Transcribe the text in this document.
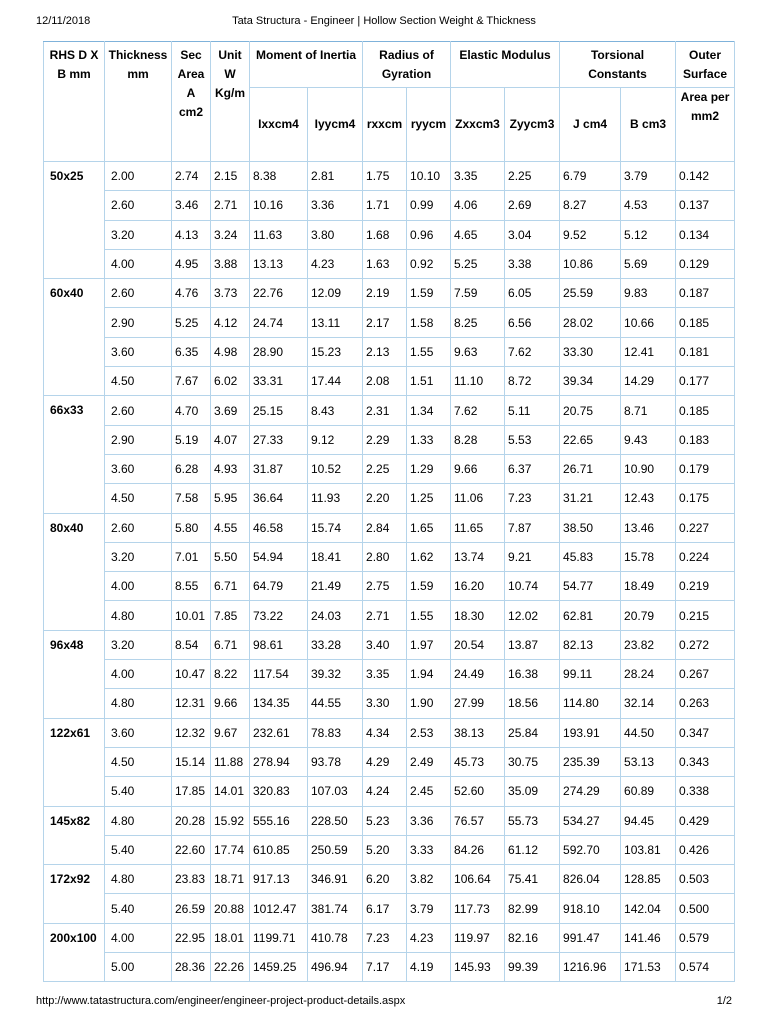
12/11/2018	Tata Structura - Engineer | Hollow Section Weight & Thickness
RHS D X B mm	Thickness mm	Sec Area A cm2	Unit W Kg/m	Moment of Inertia		Radius of Gyration		Elastic Modulus		Torsional Constants		Outer Surface
				Ixxcm4	Iyycm4	rxxcm	ryycm	Zxxcm3	Zyycm3	J cm4	B cm3	Area per mm2
50x25	2.00	2.74	2.15	8.38	2.81	1.75	10.10	3.35	2.25	6.79	3.79	0.142
	2.60	3.46	2.71	10.16	3.36	1.71	0.99	4.06	2.69	8.27	4.53	0.137
	3.20	4.13	3.24	11.63	3.80	1.68	0.96	4.65	3.04	9.52	5.12	0.134
	4.00	4.95	3.88	13.13	4.23	1.63	0.92	5.25	3.38	10.86	5.69	0.129
60x40	2.60	4.76	3.73	22.76	12.09	2.19	1.59	7.59	6.05	25.59	9.83	0.187
	2.90	5.25	4.12	24.74	13.11	2.17	1.58	8.25	6.56	28.02	10.66	0.185
	3.60	6.35	4.98	28.90	15.23	2.13	1.55	9.63	7.62	33.30	12.41	0.181
	4.50	7.67	6.02	33.31	17.44	2.08	1.51	11.10	8.72	39.34	14.29	0.177
66x33	2.60	4.70	3.69	25.15	8.43	2.31	1.34	7.62	5.11	20.75	8.71	0.185
	2.90	5.19	4.07	27.33	9.12	2.29	1.33	8.28	5.53	22.65	9.43	0.183
	3.60	6.28	4.93	31.87	10.52	2.25	1.29	9.66	6.37	26.71	10.90	0.179
	4.50	7.58	5.95	36.64	11.93	2.20	1.25	11.06	7.23	31.21	12.43	0.175
80x40	2.60	5.80	4.55	46.58	15.74	2.84	1.65	11.65	7.87	38.50	13.46	0.227
	3.20	7.01	5.50	54.94	18.41	2.80	1.62	13.74	9.21	45.83	15.78	0.224
	4.00	8.55	6.71	64.79	21.49	2.75	1.59	16.20	10.74	54.77	18.49	0.219
	4.80	10.01	7.85	73.22	24.03	2.71	1.55	18.30	12.02	62.81	20.79	0.215
96x48	3.20	8.54	6.71	98.61	33.28	3.40	1.97	20.54	13.87	82.13	23.82	0.272
	4.00	10.47	8.22	117.54	39.32	3.35	1.94	24.49	16.38	99.11	28.24	0.267
	4.80	12.31	9.66	134.35	44.55	3.30	1.90	27.99	18.56	114.80	32.14	0.263
122x61	3.60	12.32	9.67	232.61	78.83	4.34	2.53	38.13	25.84	193.91	44.50	0.347
	4.50	15.14	11.88	278.94	93.78	4.29	2.49	45.73	30.75	235.39	53.13	0.343
	5.40	17.85	14.01	320.83	107.03	4.24	2.45	52.60	35.09	274.29	60.89	0.338
145x82	4.80	20.28	15.92	555.16	228.50	5.23	3.36	76.57	55.73	534.27	94.45	0.429
	5.40	22.60	17.74	610.85	250.59	5.20	3.33	84.26	61.12	592.70	103.81	0.426
172x92	4.80	23.83	18.71	917.13	346.91	6.20	3.82	106.64	75.41	826.04	128.85	0.503
	5.40	26.59	20.88	1012.47	381.74	6.17	3.79	117.73	82.99	918.10	142.04	0.500
200x100	4.00	22.95	18.01	1199.71	410.78	7.23	4.23	119.97	82.16	991.47	141.46	0.579
	5.00	28.36	22.26	1459.25	496.94	7.17	4.19	145.93	99.39	1216.96	171.53	0.574
http://www.tatastructura.com/engineer/engineer-project-product-details.aspx	1/2
